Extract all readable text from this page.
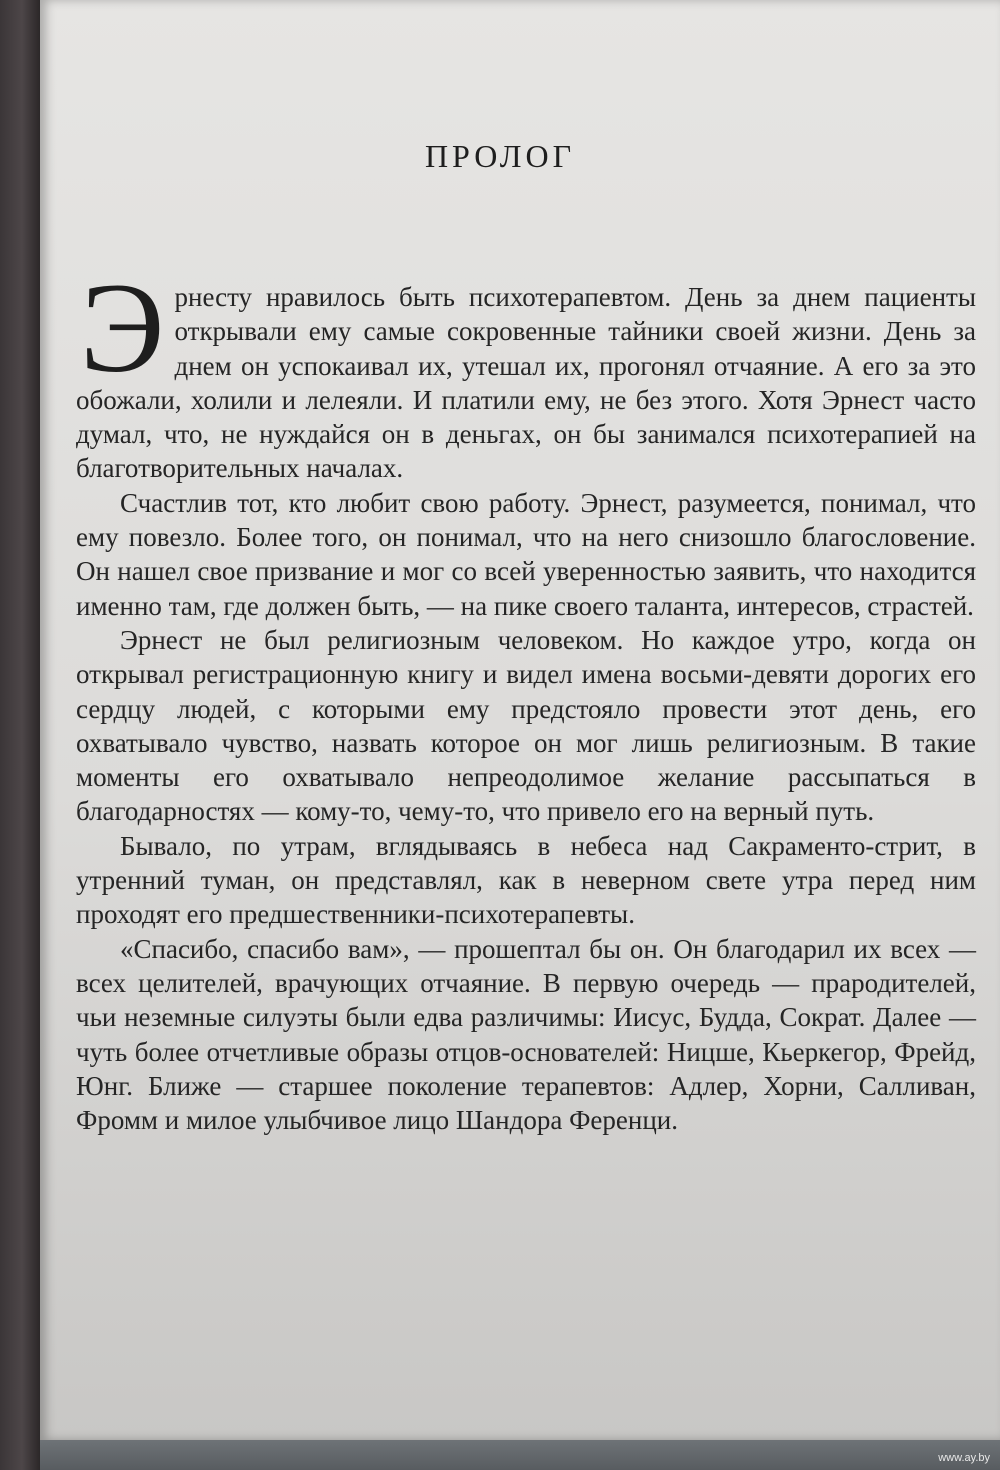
ПРОЛОГ

Эрнесту нравилось быть психотерапевтом. День за днем пациенты открывали ему самые сокровенные тайники своей жизни. День за днем он успокаивал их, утешал их, прогонял отчаяние. А его за это обожали, холили и лелеяли. И платили ему, не без этого. Хотя Эрнест часто думал, что, не нуждайся он в деньгах, он бы занимался психотерапией на благотворительных началах.

Счастлив тот, кто любит свою работу. Эрнест, разумеется, понимал, что ему повезло. Более того, он понимал, что на него снизошло благословение. Он нашел свое призвание и мог со всей уверенностью заявить, что находится именно там, где должен быть, — на пике своего таланта, интересов, страстей.

Эрнест не был религиозным человеком. Но каждое утро, когда он открывал регистрационную книгу и видел имена восьми-девяти дорогих его сердцу людей, с которыми ему предстояло провести этот день, его охватывало чувство, назвать которое он мог лишь религиозным. В такие моменты его охватывало непреодолимое желание рассыпаться в благодарностях — кому-то, чему-то, что привело его на верный путь.

Бывало, по утрам, вглядываясь в небеса над Сакраменто-стрит, в утренний туман, он представлял, как в неверном свете утра перед ним проходят его предшественники-психотерапевты.

«Спасибо, спасибо вам», — прошептал бы он. Он благодарил их всех — всех целителей, врачующих отчаяние. В первую очередь — прародителей, чьи неземные силуэты были едва различимы: Иисус, Будда, Сократ. Далее — чуть более отчетливые образы отцов-основателей: Ницше, Кьеркегор, Фрейд, Юнг. Ближе — старшее поколение терапевтов: Адлер, Хорни, Салливан, Фромм и милое улыбчивое лицо Шандора Ференци.

www.ay.by
